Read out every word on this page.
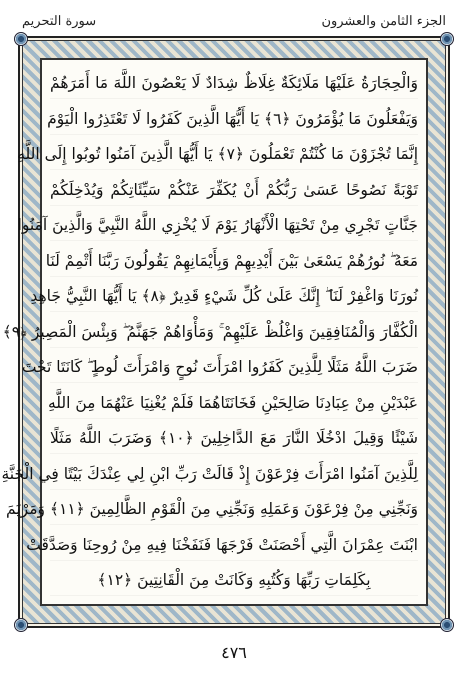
الجزء الثامن والعشرون
سورة التحريم
وَالْحِجَارَةُ عَلَيْهَا مَلَائِكَةٌ غِلَاظٌ شِدَادٌ لَا يَعْصُونَ اللَّهَ مَا أَمَرَهُمْ
وَيَفْعَلُونَ مَا يُؤْمَرُونَ ﴿٦﴾ يَا أَيُّهَا الَّذِينَ كَفَرُوا لَا تَعْتَذِرُوا الْيَوْمَ
إِنَّمَا تُجْزَوْنَ مَا كُنْتُمْ تَعْمَلُونَ ﴿٧﴾ يَا أَيُّهَا الَّذِينَ آمَنُوا تُوبُوا إِلَى اللَّهِ
تَوْبَةً نَصُوحًا عَسَىٰ رَبُّكُمْ أَنْ يُكَفِّرَ عَنْكُمْ سَيِّئَاتِكُمْ وَيُدْخِلَكُمْ
جَنَّاتٍ تَجْرِي مِنْ تَحْتِهَا الْأَنْهَارُ يَوْمَ لَا يُخْزِي اللَّهُ النَّبِيَّ وَالَّذِينَ آمَنُوا
مَعَهُ ۖ نُورُهُمْ يَسْعَىٰ بَيْنَ أَيْدِيهِمْ وَبِأَيْمَانِهِمْ يَقُولُونَ رَبَّنَا أَتْمِمْ لَنَا
نُورَنَا وَاغْفِرْ لَنَا ۖ إِنَّكَ عَلَىٰ كُلِّ شَيْءٍ قَدِيرٌ ﴿٨﴾ يَا أَيُّهَا النَّبِيُّ جَاهِدِ
الْكُفَّارَ وَالْمُنَافِقِينَ وَاغْلُظْ عَلَيْهِمْ ۚ وَمَأْوَاهُمْ جَهَنَّمُ ۖ وَبِئْسَ الْمَصِيرُ ﴿٩﴾
ضَرَبَ اللَّهُ مَثَلًا لِلَّذِينَ كَفَرُوا امْرَأَتَ نُوحٍ وَامْرَأَتَ لُوطٍ ۖ كَانَتَا تَحْتَ
عَبْدَيْنِ مِنْ عِبَادِنَا صَالِحَيْنِ فَخَانَتَاهُمَا فَلَمْ يُغْنِيَا عَنْهُمَا مِنَ اللَّهِ
شَيْئًا وَقِيلَ ادْخُلَا النَّارَ مَعَ الدَّاخِلِينَ ﴿١٠﴾ وَضَرَبَ اللَّهُ مَثَلًا
لِلَّذِينَ آمَنُوا امْرَأَتَ فِرْعَوْنَ إِذْ قَالَتْ رَبِّ ابْنِ لِي عِنْدَكَ بَيْتًا فِي الْجَنَّةِ
وَنَجِّنِي مِنْ فِرْعَوْنَ وَعَمَلِهِ وَنَجِّنِي مِنَ الْقَوْمِ الظَّالِمِينَ ﴿١١﴾ وَمَرْيَمَ
ابْنَتَ عِمْرَانَ الَّتِي أَحْصَنَتْ فَرْجَهَا فَنَفَخْنَا فِيهِ مِنْ رُوحِنَا وَصَدَّقَتْ
بِكَلِمَاتِ رَبِّهَا وَكُتُبِهِ وَكَانَتْ مِنَ الْقَانِتِينَ ﴿١٢﴾
٤٧٦
